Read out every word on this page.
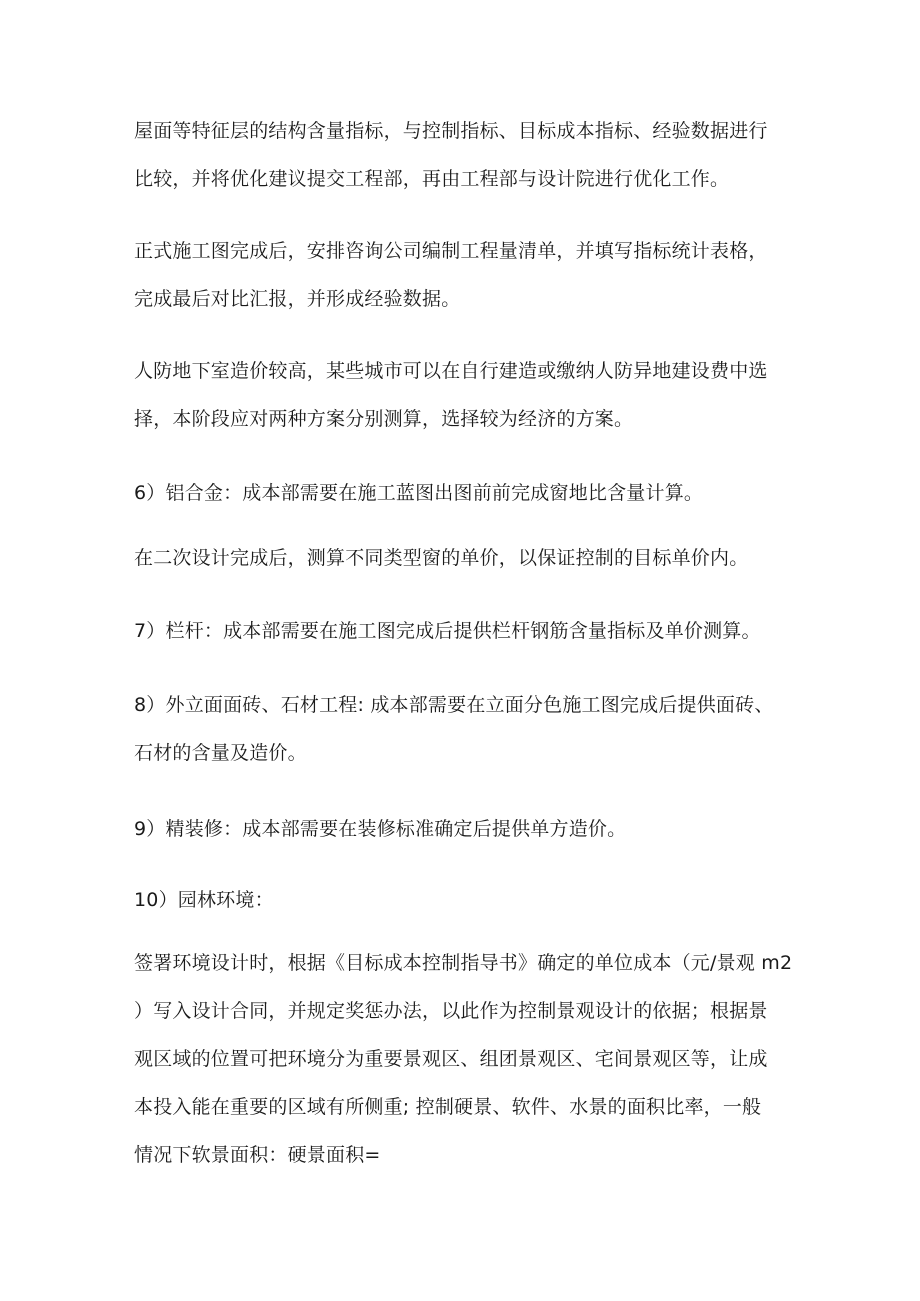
屋面等特征层的结构含量指标，与控制指标、目标成本指标、经验数据进行
比较，并将优化建议提交工程部，再由工程部与设计院进行优化工作。
正式施工图完成后，安排咨询公司编制工程量清单，并填写指标统计表格，
完成最后对比汇报，并形成经验数据。
人防地下室造价较高，某些城市可以在自行建造或缴纳人防异地建设费中选
择，本阶段应对两种方案分别测算，选择较为经济的方案。
6）铝合金：成本部需要在施工蓝图出图前前完成窗地比含量计算。
在二次设计完成后，测算不同类型窗的单价，以保证控制的目标单价内。
7）栏杆：成本部需要在施工图完成后提供栏杆钢筋含量指标及单价测算。
8）外立面面砖、石材工程: 成本部需要在立面分色施工图完成后提供面砖、
石材的含量及造价。
9）精装修：成本部需要在装修标准确定后提供单方造价。
10）园林环境：
签署环境设计时，根据《目标成本控制指导书》确定的单位成本（元/景观 m2
）写入设计合同，并规定奖惩办法，以此作为控制景观设计的依据；根据景
观区域的位置可把环境分为重要景观区、组团景观区、宅间景观区等，让成
本投入能在重要的区域有所侧重; 控制硬景、软件、水景的面积比率，一般
情况下软景面积：硬景面积=
